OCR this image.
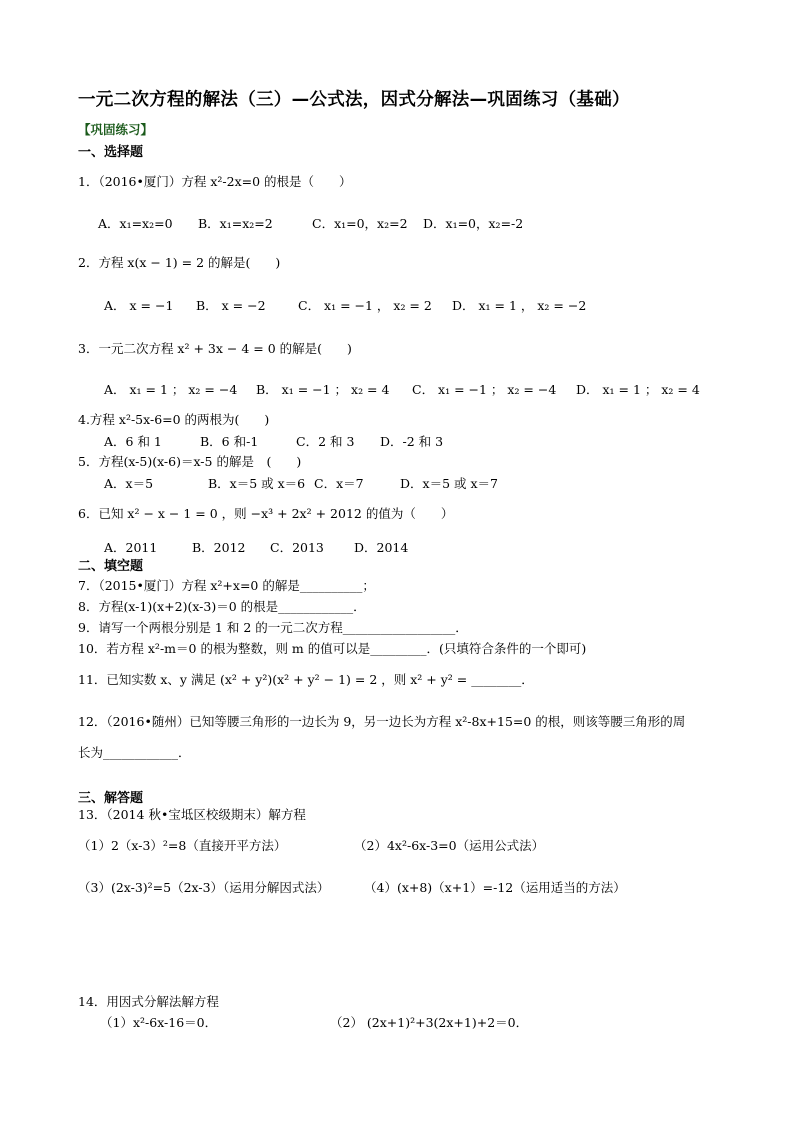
一元二次方程的解法（三）—公式法，因式分解法—巩固练习（基础）
【巩固练习】
一、选择题
1．（2016•厦门）方程 x²-2x=0 的根是（　　）
A．x₁=x₂=0 B．x₁=x₂=2	C．x₁=0，x₂=2 D．x₁=0，x₂=-2
2．方程 x(x − 1) = 2 的解是(　　)
A． x = −1 B． x = −2	C． x₁ = −1 ， x₂ = 2 D． x₁ = 1 ， x₂ = −2
3．一元二次方程 x² + 3x − 4 = 0 的解是(　　)
A． x₁ = 1 ； x₂ = −4 B． x₁ = −1 ； x₂ = 4 C． x₁ = −1 ； x₂ = −4 D． x₁ = 1 ； x₂ = 4
4.方程 x²-5x-6=0 的两根为(　　)
A．6 和 1	B．6 和-1	C．2 和 3 D．-2 和 3
5．方程(x-5)(x-6)＝x-5 的解是　(　　)
A．x＝5	B．x＝5 或 x＝6 C．x＝7	D．x＝5 或 x＝7
6．已知 x² − x − 1 = 0 ，则 −x³ + 2x² + 2012 的值为（　　）
A．2011	B．2012 C．2013 D．2014
二、填空题
7．（2015•厦门）方程 x²+x=0 的解是__________；
8．方程(x-1)(x+2)(x-3)＝0 的根是____________．
9．请写一个两根分别是 1 和 2 的一元二次方程__________________．
10．若方程 x²-m＝0 的根为整数，则 m 的值可以是_________．(只填符合条件的一个即可)
11．已知实数 x、y 满足 (x² + y²)(x² + y² − 1) = 2 ，则 x² + y² = ________．
12．（2016•随州）已知等腰三角形的一边长为 9，另一边长为方程 x²-8x+15=0 的根，则该等腰三角形的周
长为____________．
三、解答题
13．（2014 秋•宝坻区校级期末）解方程
（1）2（x-3）²=8（直接开平方法）	（2）4x²-6x-3=0（运用公式法）
（3）(2x-3)²=5（2x-3）（运用分解因式法）	（4）(x+8)（x+1）=-12（运用适当的方法）
14．用因式分解法解方程
（1）x²-6x-16＝0．	（2） (2x+1)²+3(2x+1)+2＝0．
